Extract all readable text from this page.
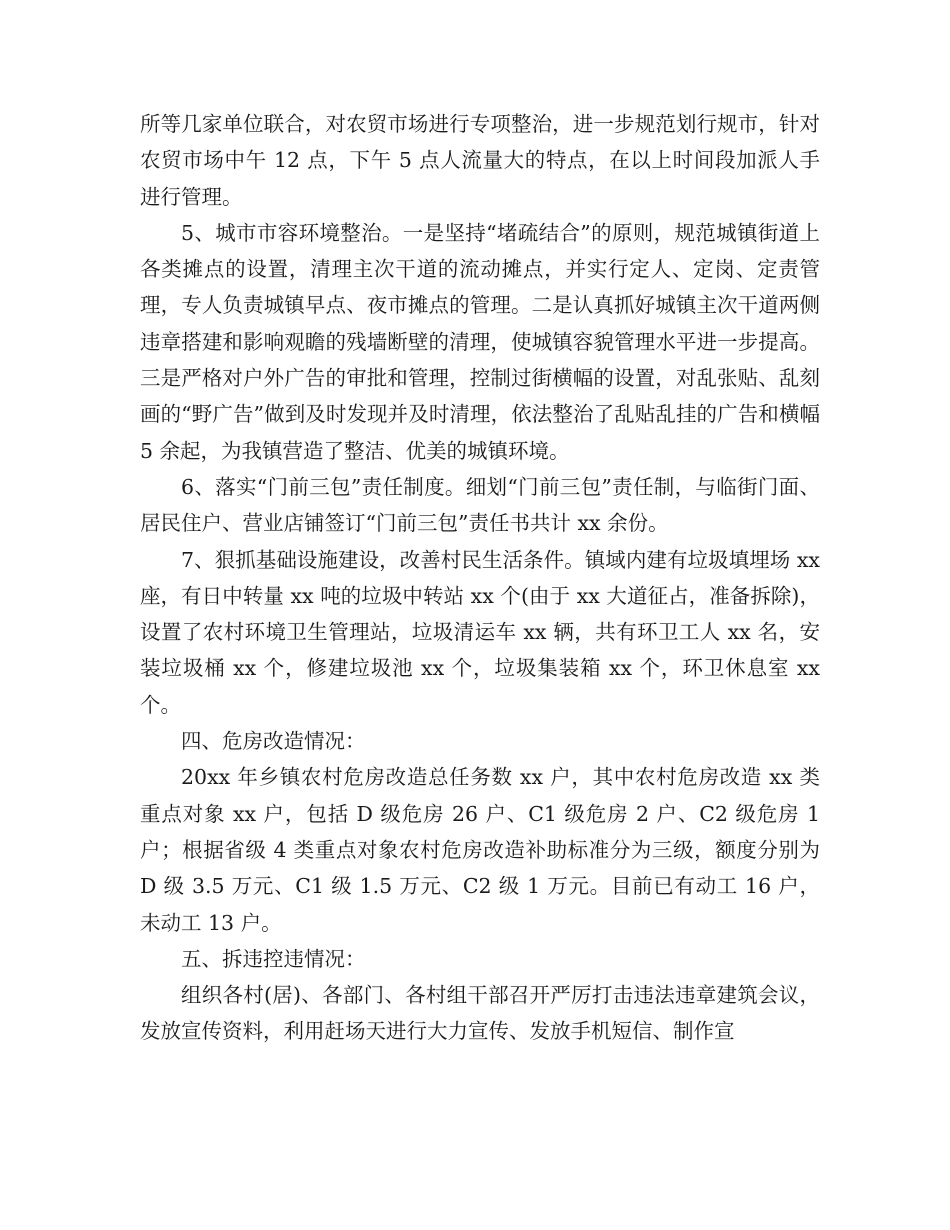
所等几家单位联合，对农贸市场进行专项整治，进一步规范划行规市，针对农贸市场中午 12 点，下午 5 点人流量大的特点，在以上时间段加派人手进行管理。

5、城市市容环境整治。一是坚持“堵疏结合”的原则，规范城镇街道上各类摊点的设置，清理主次干道的流动摊点，并实行定人、定岗、定责管理，专人负责城镇早点、夜市摊点的管理。二是认真抓好城镇主次干道两侧违章搭建和影响观瞻的残墙断壁的清理，使城镇容貌管理水平进一步提高。三是严格对户外广告的审批和管理，控制过街横幅的设置，对乱张贴、乱刻画的“野广告”做到及时发现并及时清理，依法整治了乱贴乱挂的广告和横幅 5 余起，为我镇营造了整洁、优美的城镇环境。

6、落实“门前三包”责任制度。细划“门前三包”责任制，与临街门面、居民住户、营业店铺签订“门前三包”责任书共计 xx 余份。

7、狠抓基础设施建设，改善村民生活条件。镇域内建有垃圾填埋场 xx 座，有日中转量 xx 吨的垃圾中转站 xx 个(由于 xx 大道征占，准备拆除)，设置了农村环境卫生管理站，垃圾清运车 xx 辆，共有环卫工人 xx 名，安装垃圾桶 xx 个，修建垃圾池 xx 个，垃圾集装箱 xx 个，环卫休息室 xx 个。

四、危房改造情况：

20xx 年乡镇农村危房改造总任务数 xx 户，其中农村危房改造 xx 类重点对象 xx 户，包括 D 级危房 26 户、C1 级危房 2 户、C2 级危房 1 户；根据省级 4 类重点对象农村危房改造补助标准分为三级，额度分别为 D 级 3.5 万元、C1 级 1.5 万元、C2 级 1 万元。目前已有动工 16 户，未动工 13 户。

五、拆违控违情况：

组织各村(居)、各部门、各村组干部召开严厉打击违法违章建筑会议，发放宣传资料，利用赶场天进行大力宣传、发放手机短信、制作宣
